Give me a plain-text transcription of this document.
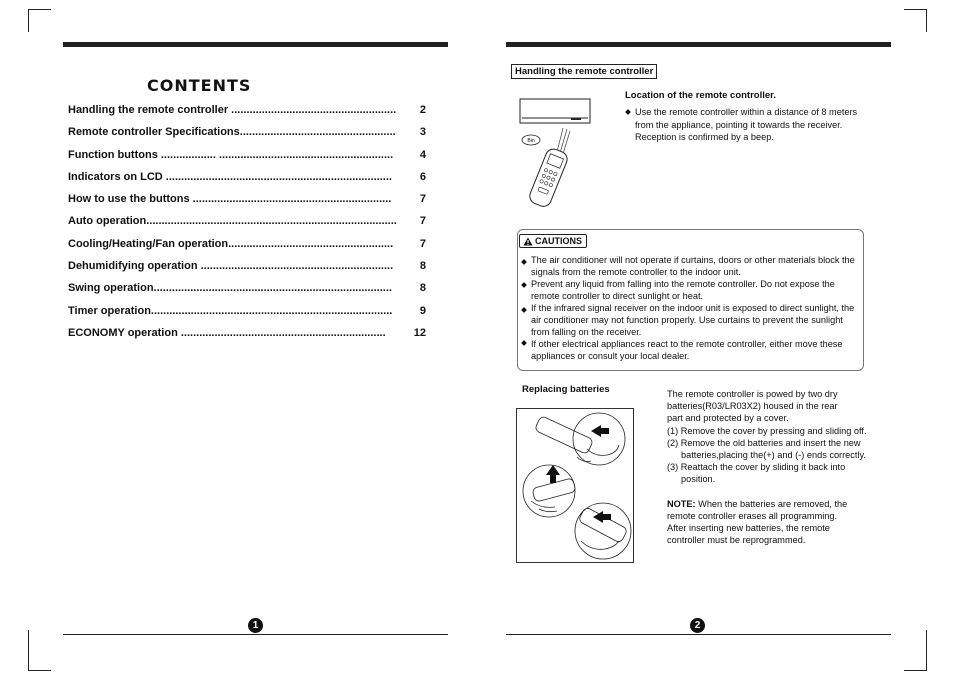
CONTENTS
Handling the remote controller ......................................................	2
Remote controller Specifications...................................................	3
Function buttons .................. .........................................................	4
Indicators on LCD ..........................................................................	6
How to use the buttons .................................................................	7
Auto operation..................................................................................	7
Cooling/Heating/Fan operation......................................................	7
Dehumidifying operation ...............................................................	8
Swing operation..............................................................................	8
Timer operation...............................................................................	9
ECONOMY operation ...................................................................	12
1
Handling the remote controller
Bin
Location of the remote controller.
Use the remote controller within a distance of 8 meters from the appliance, pointing it towards the receiver. Reception is confirmed by a beep.
CAUTIONS
The air conditioner will not operate if curtains, doors or other materials block the signals from the remote controller to the indoor unit.
Prevent any liquid from falling into the remote controller. Do not expose the remote controller to direct sunlight or heat.
If the infrared signal receiver on the indoor unit is exposed to direct sunlight, the air conditioner may not function properly. Use curtains to prevent the sunlight from falling on the receiver.
If other electrical appliances react to the remote controller, either move these appliances or consult your local dealer.
Replacing batteries	The remote controller is powed by two dry

batteries(R03/LR03X2) housed in the rear

part and protected by a cover.

(1) Remove the cover by pressing and sliding off.

(2) Remove the old batteries and insert the new

batteries,placing the(+) and (-) ends correctly.

(3) Reattach the cover by sliding it back into

position.

NOTE: When the batteries are removed, the

remote controller erases all programming.

After inserting new batteries, the remote

controller must be reprogrammed.

2
